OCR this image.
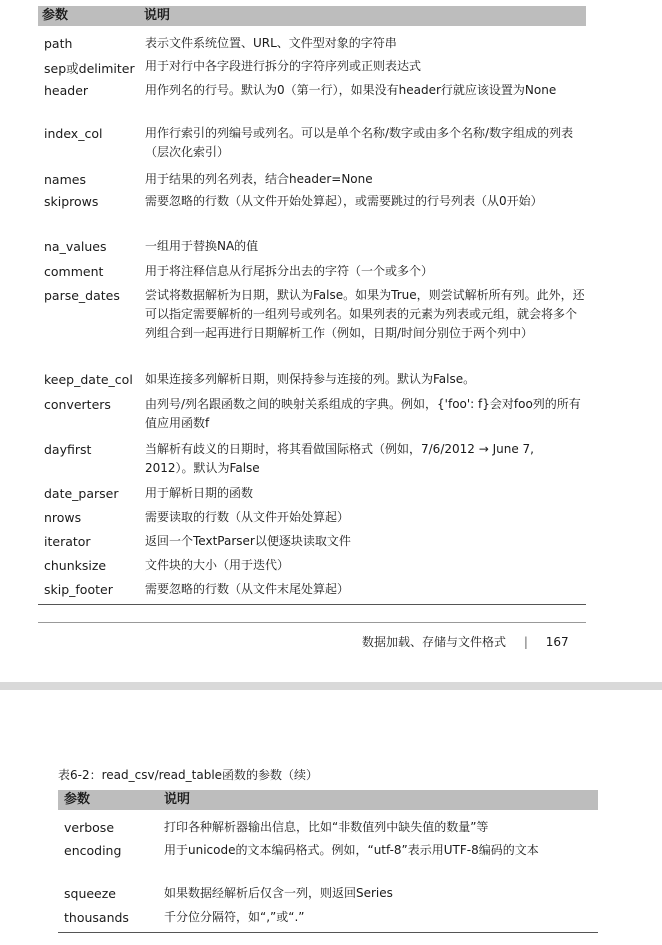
参数	说明
path	表示文件系统位置、URL、文件型对象的字符串
sep或delimiter 用于对行中各字段进行拆分的字符序列或正则表达式
header	用作列名的行号。默认为0（第一行），如果没有header行就应该设置为None
index_col	用作行索引的列编号或列名。可以是单个名称/数字或由多个名称/数字组成的列表（层次化索引）
names	用于结果的列名列表，结合header=None
skiprows	需要忽略的行数（从文件开始处算起），或需要跳过的行号列表（从0开始）
na_values	一组用于替换NA的值
comment	用于将注释信息从行尾拆分出去的字符（一个或多个）
parse_dates 尝试将数据解析为日期，默认为False。如果为True，则尝试解析所有列。此外，还可以指定需要解析的一组列号或列名。如果列表的元素为列表或元组，就会将多个列组合到一起再进行日期解析工作（例如，日期/时间分别位于两个列中）
keep_date_col 如果连接多列解析日期，则保持参与连接的列。默认为False。
converters	由列号/列名跟函数之间的映射关系组成的字典。例如，{'foo': f}会对foo列的所有值应用函数f
dayfirst	当解析有歧义的日期时，将其看做国际格式（例如，7/6/2012 → June 7, 2012）。默认为False
date_parser 用于解析日期的函数
nrows	需要读取的行数（从文件开始处算起）
iterator	返回一个TextParser以便逐块读取文件
chunksize	文件块的大小（用于迭代）
skip_footer	需要忽略的行数（从文件末尾处算起）
数据加载、存储与文件格式 | 167
表6-2：read_csv/read_table函数的参数（续）
参数	说明
verbose	打印各种解析器输出信息，比如“非数值列中缺失值的数量”等
encoding	用于unicode的文本编码格式。例如，“utf-8”表示用UTF-8编码的文本
squeeze	如果数据经解析后仅含一列，则返回Series
thousands	千分位分隔符，如“,”或“.”
